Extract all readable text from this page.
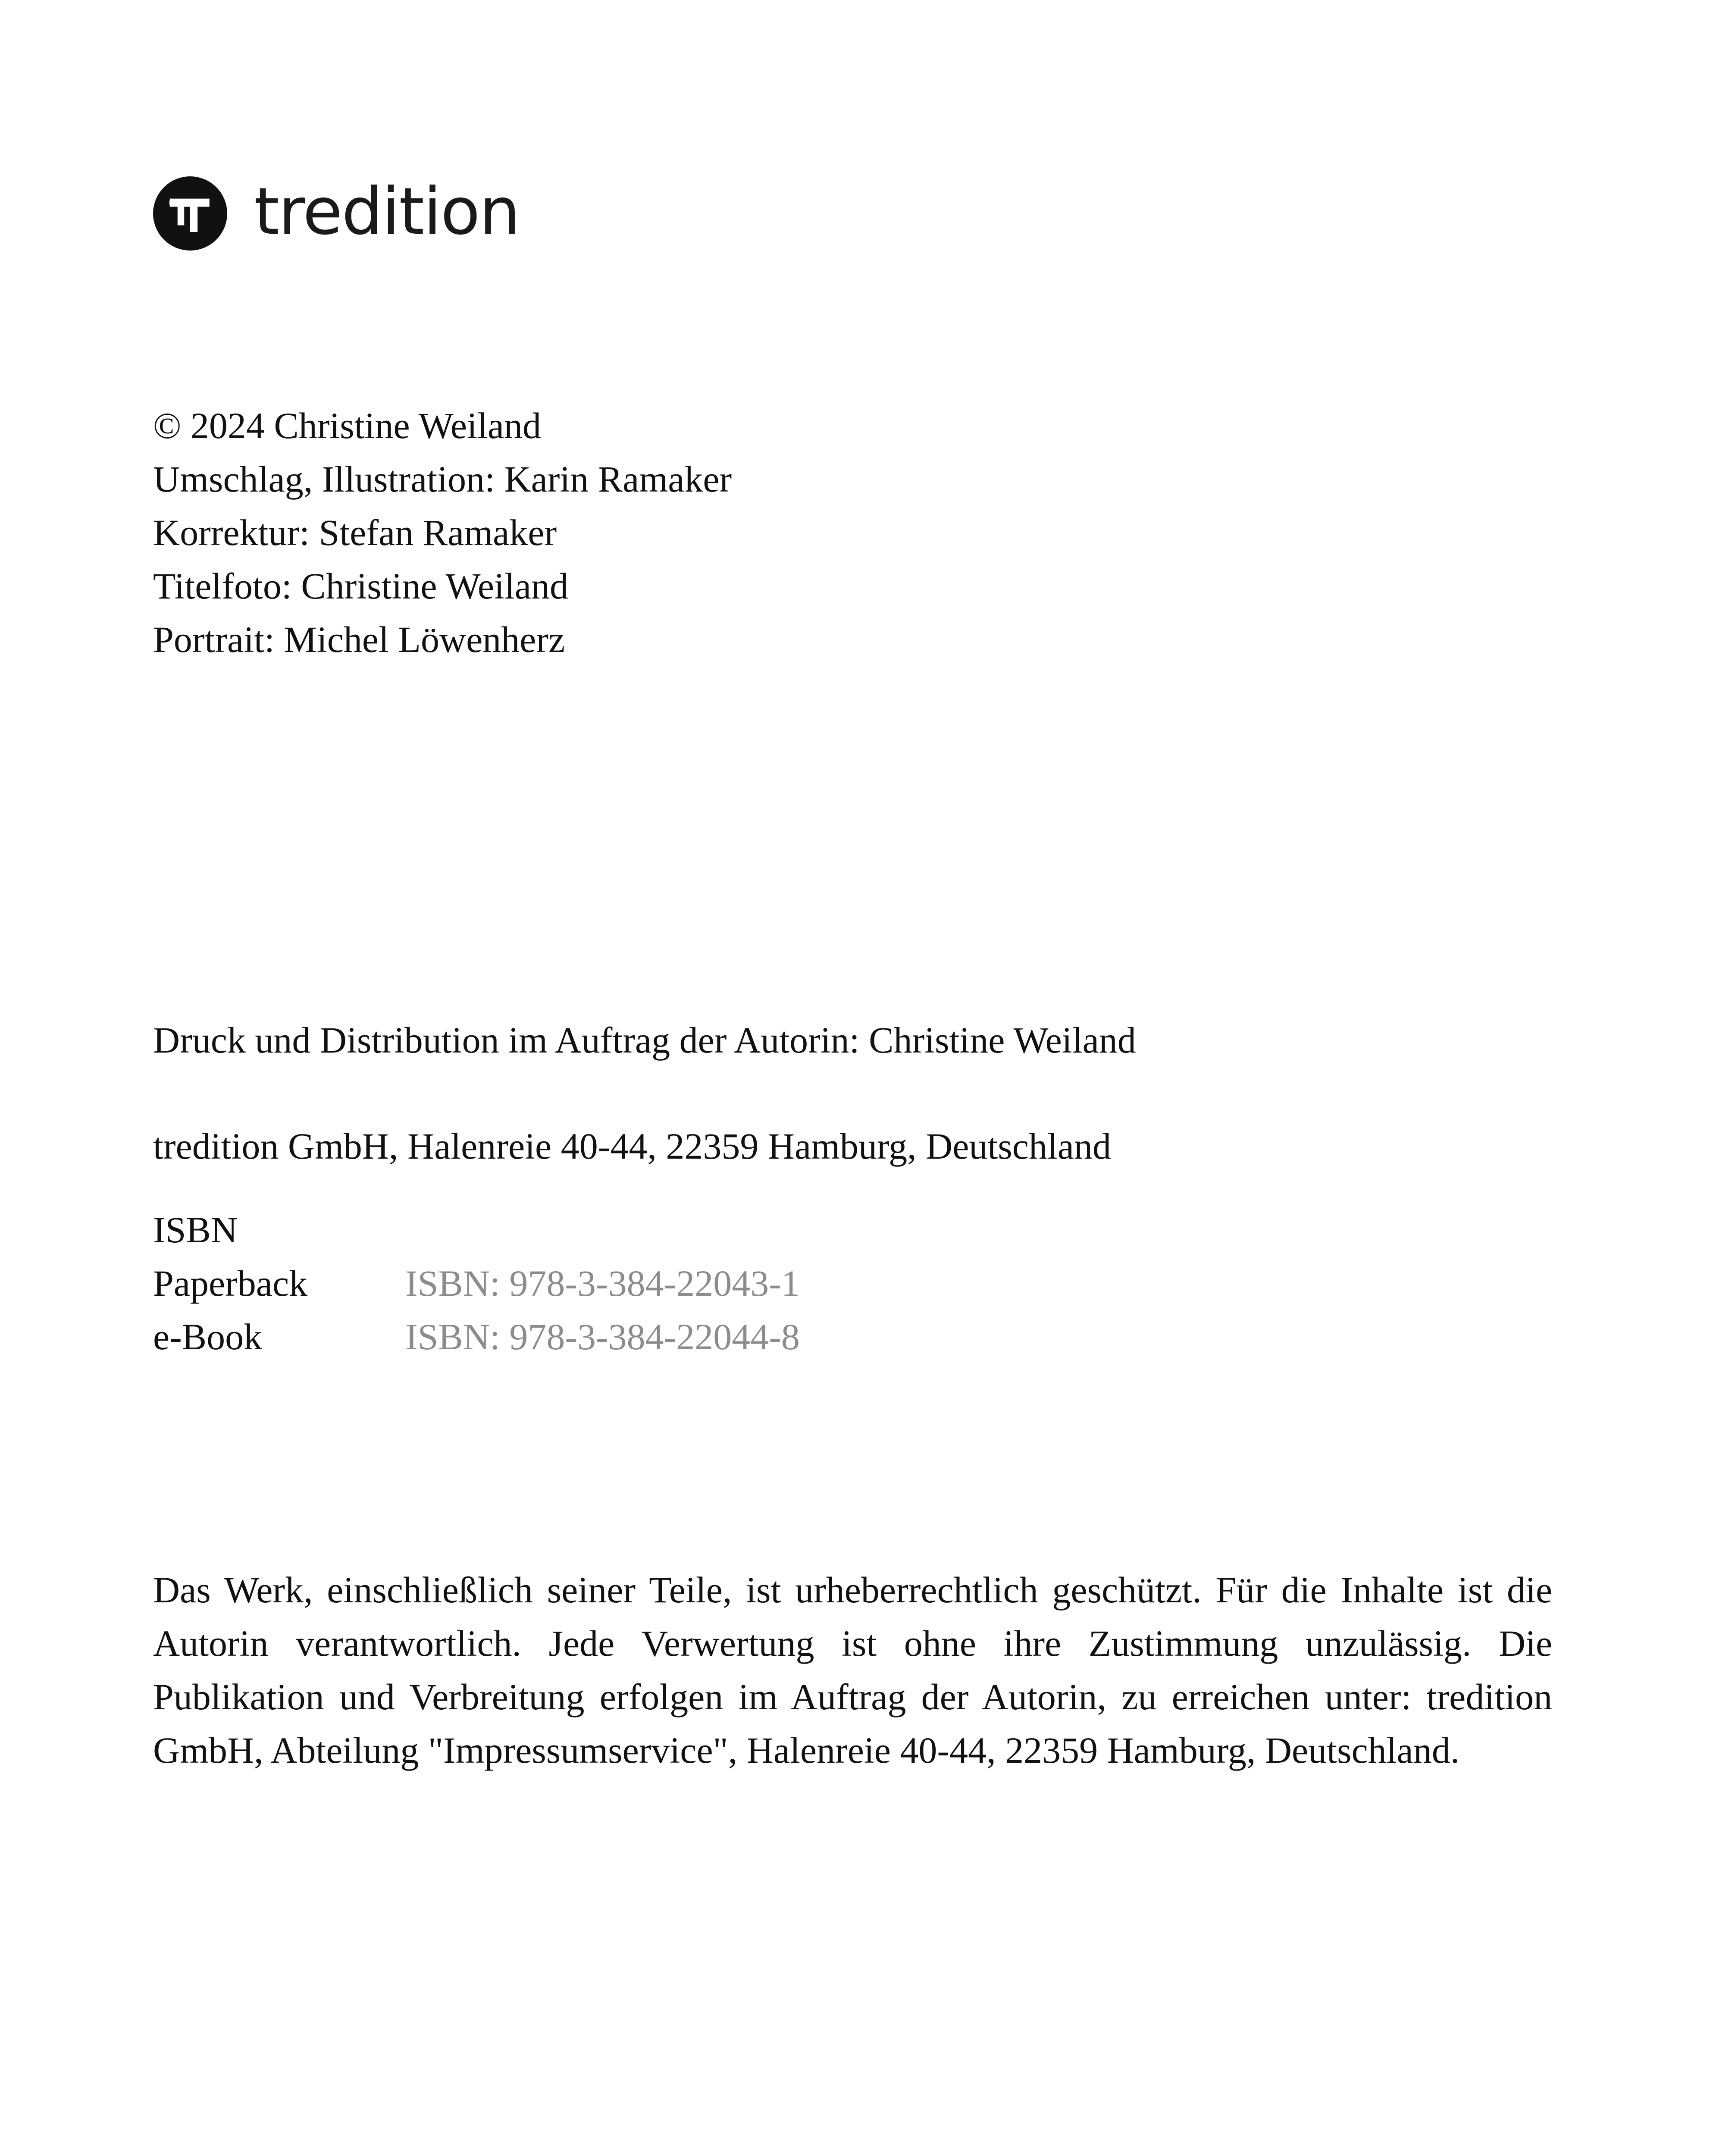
tredition
© 2024 Christine Weiland
Umschlag, Illustration: Karin Ramaker
Korrektur: Stefan Ramaker
Titelfoto: Christine Weiland
Portrait: Michel Löwenherz
Druck und Distribution im Auftrag der Autorin: Christine Weiland
tredition GmbH, Halenreie 40-44, 22359 Hamburg, Deutschland
ISBN
Paperback	ISBN: 978-3-384-22043-1
e-Book	ISBN: 978-3-384-22044-8
Das Werk, einschließlich seiner Teile, ist urheberrechtlich geschützt. Für die Inhalte ist die Autorin verantwortlich. Jede Verwertung ist ohne ihre Zustimmung unzulässig. Die Publikation und Verbreitung erfolgen im Auftrag der Autorin, zu erreichen unter: tredition GmbH, Abteilung "Impressumservice", Halenreie 40-44, 22359 Hamburg, Deutschland.
